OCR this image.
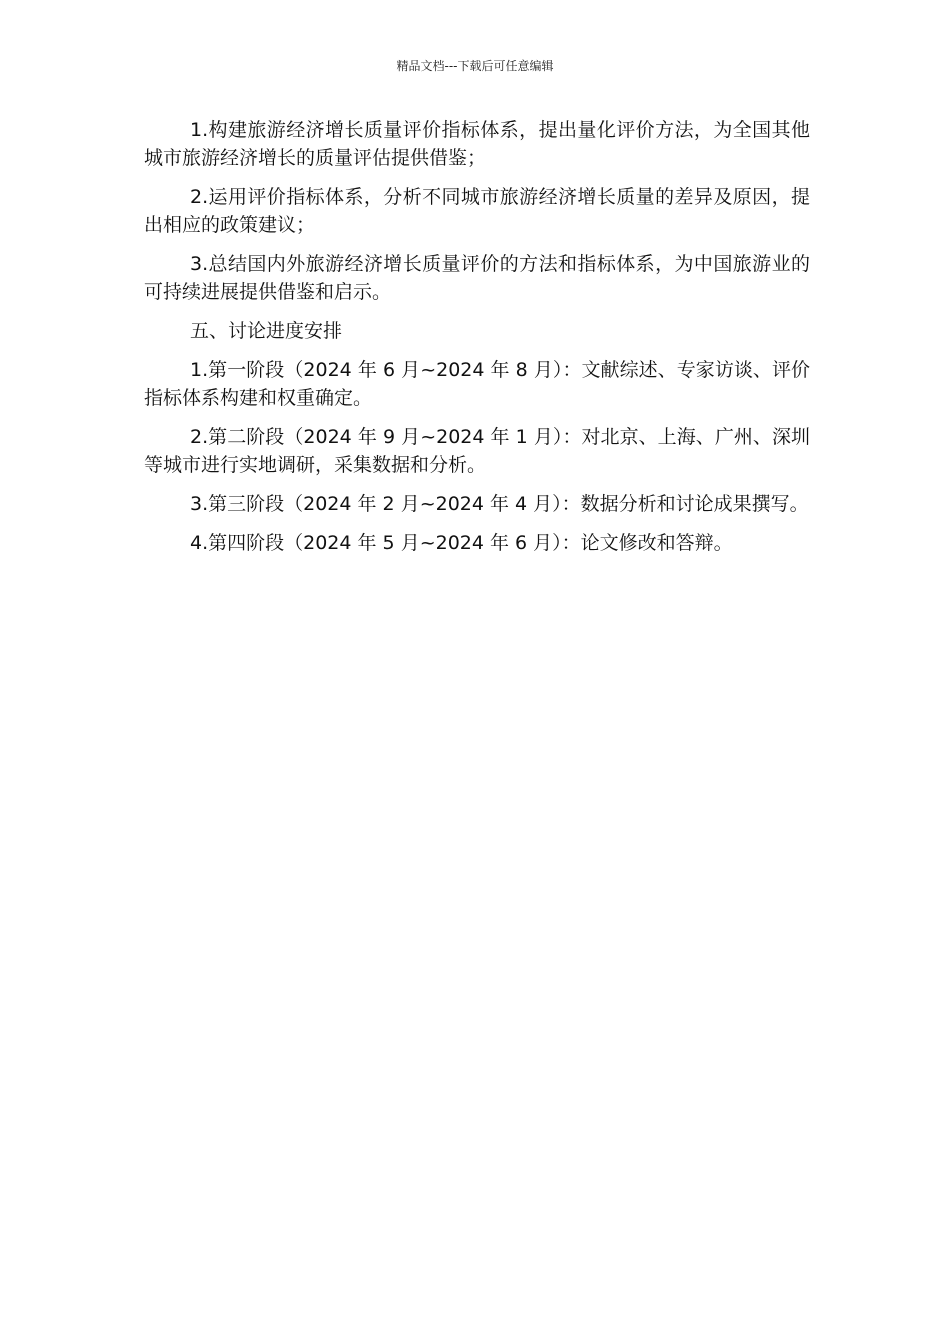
精品文档---下载后可任意编辑

1.构建旅游经济增长质量评价指标体系，提出量化评价方法，为全国其他城市旅游经济增长的质量评估提供借鉴；

2.运用评价指标体系，分析不同城市旅游经济增长质量的差异及原因，提出相应的政策建议；

3.总结国内外旅游经济增长质量评价的方法和指标体系，为中国旅游业的可持续进展提供借鉴和启示。

五、讨论进度安排

1.第一阶段（2024 年 6 月~2024 年 8 月）：文献综述、专家访谈、评价指标体系构建和权重确定。

2.第二阶段（2024 年 9 月~2024 年 1 月）：对北京、上海、广州、深圳等城市进行实地调研，采集数据和分析。

3.第三阶段（2024 年 2 月~2024 年 4 月）：数据分析和讨论成果撰写。

4.第四阶段（2024 年 5 月~2024 年 6 月）：论文修改和答辩。
